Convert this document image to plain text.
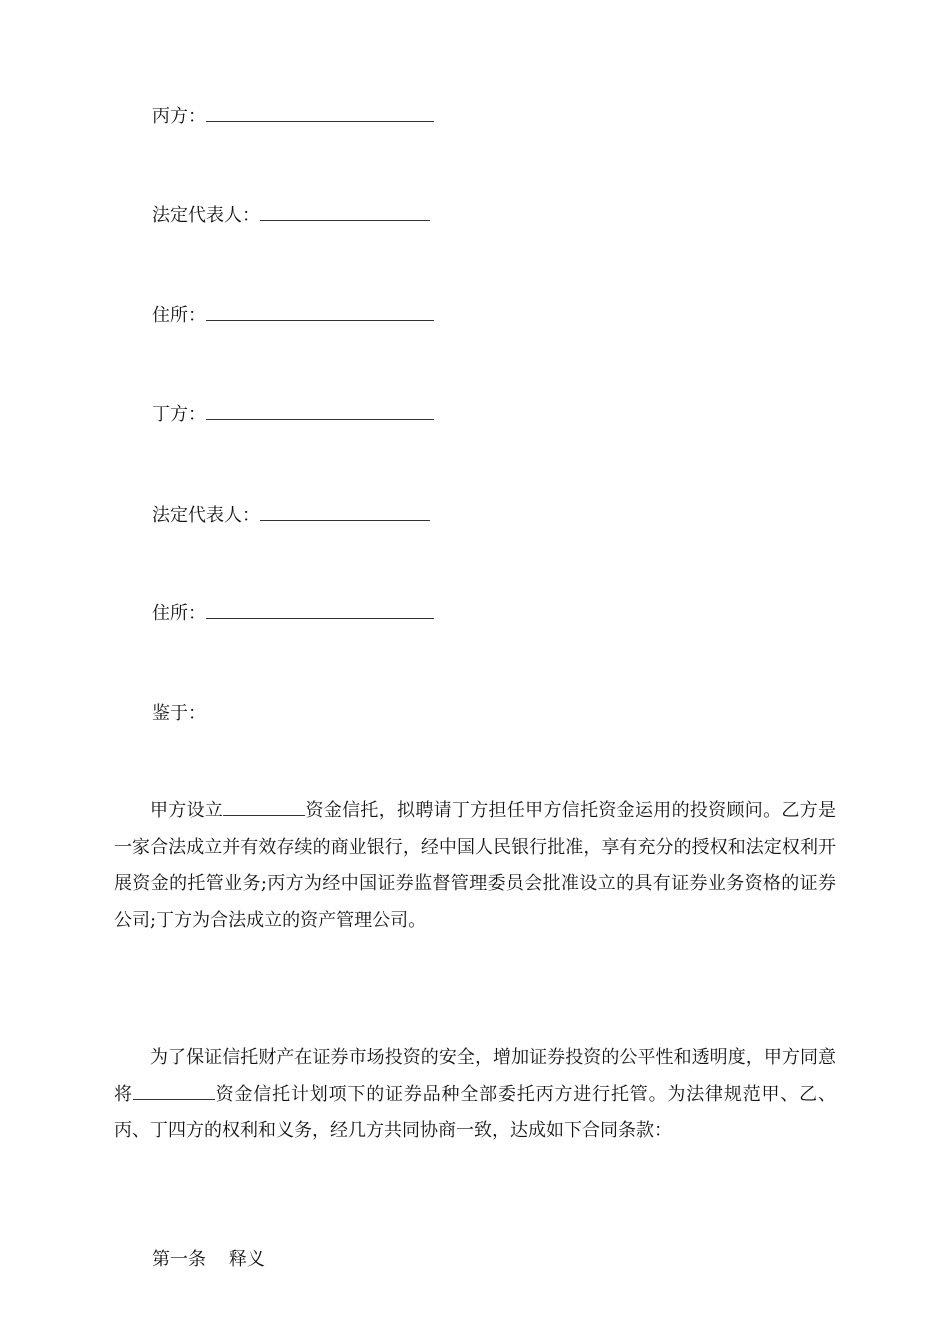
丙方：
法定代表人：
住所：
丁方：
法定代表人：
住所：
鉴于：

甲方设立	资金信托，拟聘请丁方担任甲方信托资金运用的投资顾问。乙方是一家合法成立并有效存续的商业银行，经中国人民银行批准，享有充分的授权和法定权利开展资金的托管业务;丙方为经中国证券监督管理委员会批准设立的具有证券业务资格的证券公司;丁方为合法成立的资产管理公司。

为了保证信托财产在证券市场投资的安全，增加证券投资的公平性和透明度，甲方同意将	资金信托计划项下的证券品种全部委托丙方进行托管。为法律规范甲、乙、丙、丁四方的权利和义务，经几方共同协商一致，达成如下合同条款：

第一条 释义
